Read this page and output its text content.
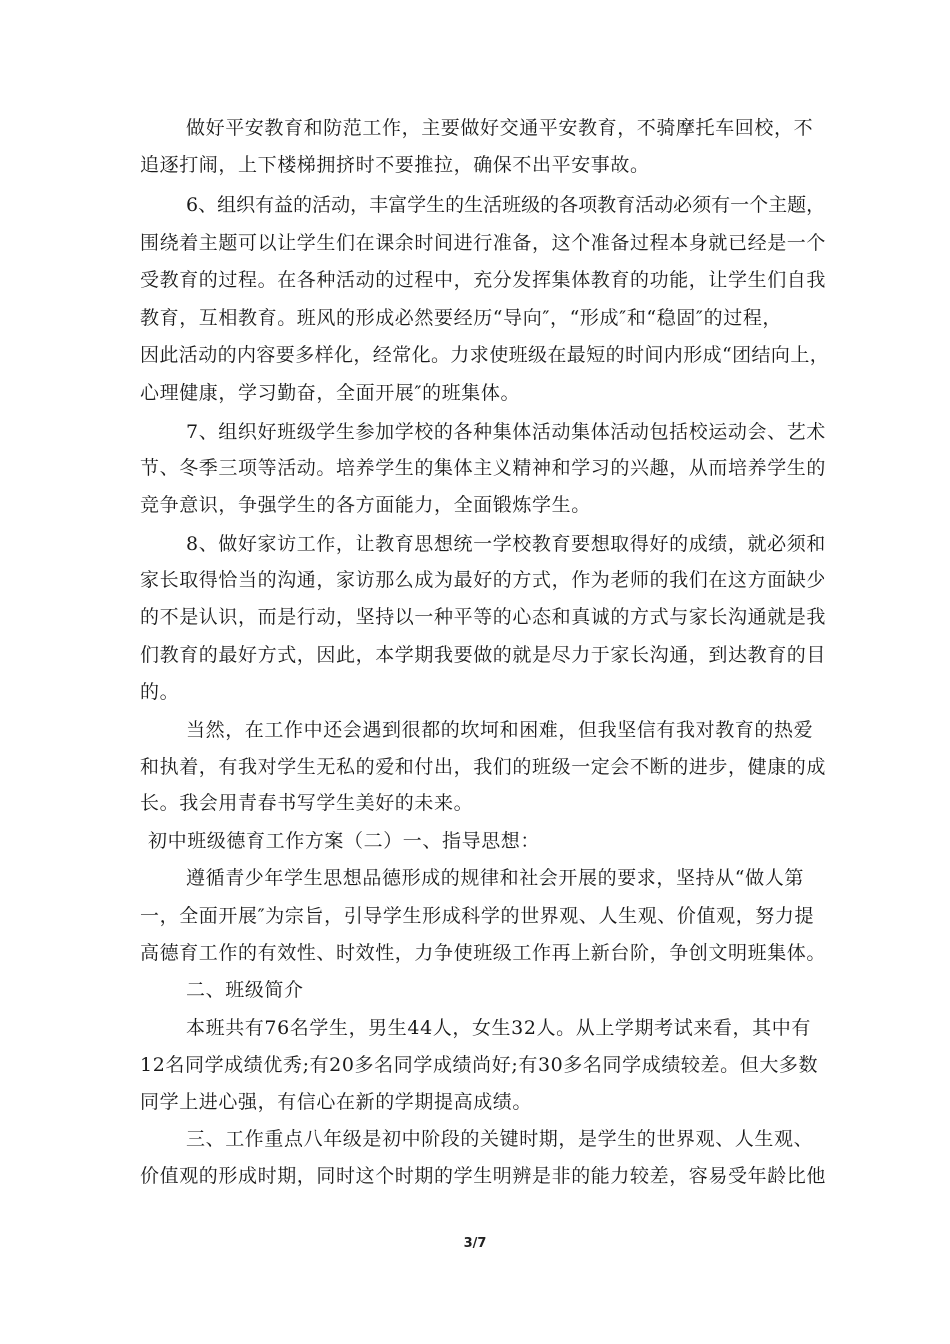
做好平安教育和防范工作，主要做好交通平安教育，不骑摩托车回校，不
追逐打闹，上下楼梯拥挤时不要推拉，确保不出平安事故。
6、组织有益的活动，丰富学生的生活班级的各项教育活动必须有一个主题，
围绕着主题可以让学生们在课余时间进行准备，这个准备过程本身就已经是一个
受教育的过程。在各种活动的过程中，充分发挥集体教育的功能，让学生们自我
教育，互相教育。班风的形成必然要经历“导向″，“形成″和“稳固″的过程，
因此活动的内容要多样化，经常化。力求使班级在最短的时间内形成“团结向上，
心理健康，学习勤奋，全面开展″的班集体。
7、组织好班级学生参加学校的各种集体活动集体活动包括校运动会、艺术
节、冬季三项等活动。培养学生的集体主义精神和学习的兴趣，从而培养学生的
竞争意识，争强学生的各方面能力，全面锻炼学生。
8、做好家访工作，让教育思想统一学校教育要想取得好的成绩，就必须和
家长取得恰当的沟通，家访那么成为最好的方式，作为老师的我们在这方面缺少
的不是认识，而是行动，坚持以一种平等的心态和真诚的方式与家长沟通就是我
们教育的最好方式，因此，本学期我要做的就是尽力于家长沟通，到达教育的目
的。
当然，在工作中还会遇到很都的坎坷和困难，但我坚信有我对教育的热爱
和执着，有我对学生无私的爱和付出，我们的班级一定会不断的进步，健康的成
长。我会用青春书写学生美好的未来。
初中班级德育工作方案（二）一、指导思想：
遵循青少年学生思想品德形成的规律和社会开展的要求，坚持从“做人第
一，全面开展″为宗旨，引导学生形成科学的世界观、人生观、价值观，努力提
高德育工作的有效性、时效性，力争使班级工作再上新台阶，争创文明班集体。
二、班级简介
本班共有76名学生，男生44人，女生32人。从上学期考试来看，其中有
12名同学成绩优秀;有20多名同学成绩尚好;有30多名同学成绩较差。但大多数
同学上进心强，有信心在新的学期提高成绩。
三、工作重点八年级是初中阶段的关键时期，是学生的世界观、人生观、
价值观的形成时期，同时这个时期的学生明辨是非的能力较差，容易受年龄比他
3/7
